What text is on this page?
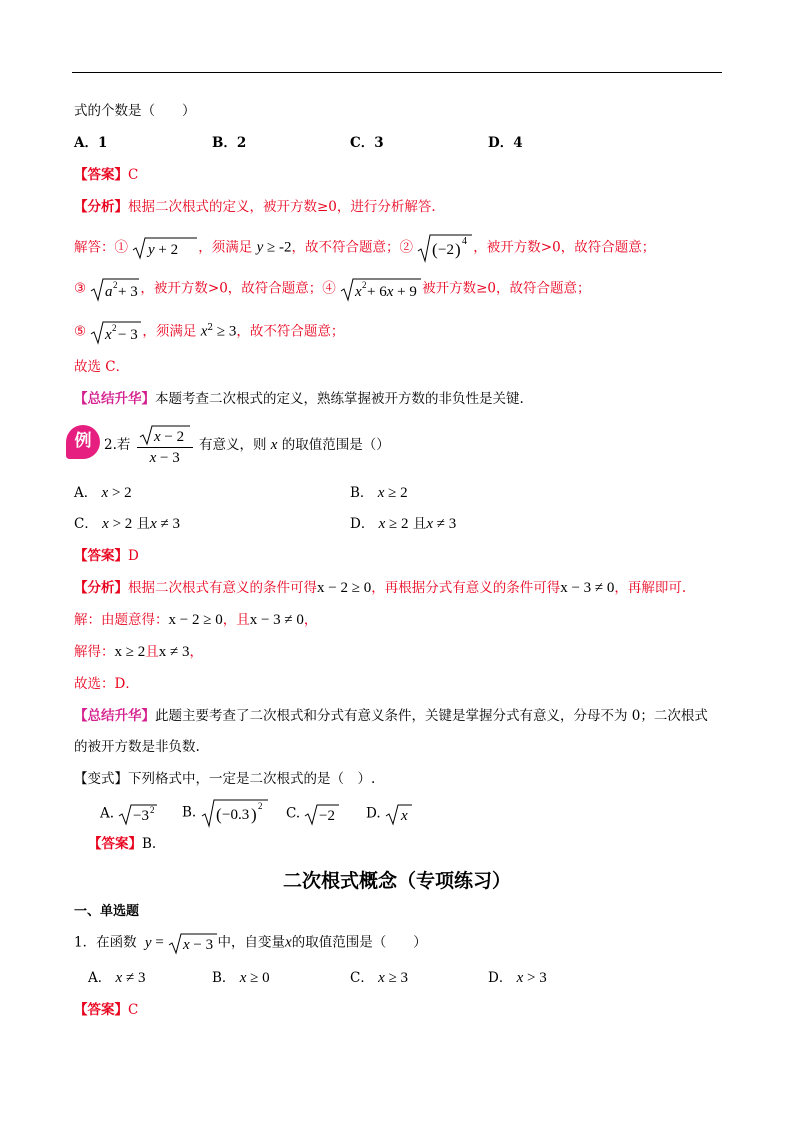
式的个数是（　　）
A．1	B．2	C．3	D．4
【答案】C
【分析】根据二次根式的定义，被开方数≥0，进行分析解答.
解答：① y + 2 ，须满足 y ≥ -2，故不符合题意；② ( −2 ) 4 ，被开方数>0，故符合题意；
③ a 2 + 3 ，被开方数>0，故符合题意；④ x 2 + 6x + 9 被开方数≥0，故符合题意；
⑤ x 2 − 3 ，须满足 $x^2 \ge 3$，故不符合题意；
故选 C．
【总结升华】本题考查二次根式的定义，熟练掌握被开方数的非负性是关键.
例 2.若 $\frac{x - 2}{x - 3}$ 有意义，则 x 的取值范围是（）
A． x > 2	B． x ≥ 2
C． x > 2 且x ≠ 3	D． x ≥ 2 且x ≠ 3
【答案】D
【分析】根据二次根式有意义的条件可得x − 2 ≥ 0，再根据分式有意义的条件可得x − 3 ≠ 0，再解即可.
解：由题意得：x − 2 ≥ 0，且x − 3 ≠ 0，
解得：x ≥ 2且x ≠ 3，
故选：D．
【总结升华】此题主要考查了二次根式和分式有意义条件，关键是掌握分式有意义，分母不为 0；二次根式
的被开方数是非负数.
【变式】下列格式中，一定是二次根式的是（　）.
A. −3 2 B. ( −0.3 ) 2 C. −2 D. x
【答案】B.
二次根式概念（专项练习）
一、单选题
1．在函数 y = x − 3 中，自变量x的取值范围是（　　）
A． x ≠ 3	B． x ≥ 0	C． x ≥ 3	D． x > 3
【答案】C
